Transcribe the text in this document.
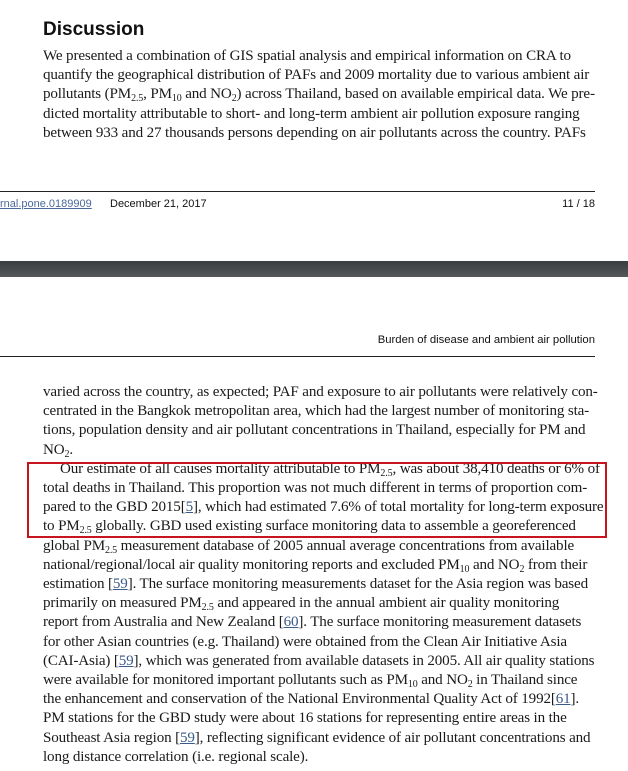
Discussion
We presented a combination of GIS spatial analysis and empirical information on CRA to
quantify the geographical distribution of PAFs and 2009 mortality due to various ambient air
pollutants ($PM_{2.5}$, $PM_{10}$ and $NO_2$) across Thailand, based on available empirical data. We pre-
dicted mortality attributable to short- and long-term ambient air pollution exposure ranging
between 933 and 27 thousands persons depending on air pollutants across the country. PAFs
rnal.pone.0189909 December 21, 2017	11 / 18
Burden of disease and ambient air pollution
varied across the country, as expected; PAF and exposure to air pollutants were relatively con-
centrated in the Bangkok metropolitan area, which had the largest number of monitoring sta-
tions, population density and air pollutant concentrations in Thailand, especially for PM and
$NO_2$.
Our estimate of all causes mortality attributable to $PM_{2.5}$, was about 38,410 deaths or 6% of
total deaths in Thailand. This proportion was not much different in terms of proportion com-
pared to the GBD 2015[5], which had estimated 7.6% of total mortality for long-term exposure
to $PM_{2.5}$ globally. GBD used existing surface monitoring data to assemble a georeferenced
global $PM_{2.5}$ measurement database of 2005 annual average concentrations from available
national/regional/local air quality monitoring reports and excluded $PM_{10}$ and $NO_2$ from their
estimation [59]. The surface monitoring measurements dataset for the Asia region was based
primarily on measured $PM_{2.5}$ and appeared in the annual ambient air quality monitoring
report from Australia and New Zealand [60]. The surface monitoring measurement datasets
for other Asian countries (e.g. Thailand) were obtained from the Clean Air Initiative Asia
(CAI-Asia) [59], which was generated from available datasets in 2005. All air quality stations
were available for monitored important pollutants such as $PM_{10}$ and $NO_2$ in Thailand since
the enhancement and conservation of the National Environmental Quality Act of 1992[61].
PM stations for the GBD study were about 16 stations for representing entire areas in the
Southeast Asia region [59], reflecting significant evidence of air pollutant concentrations and
long distance correlation (i.e. regional scale).
